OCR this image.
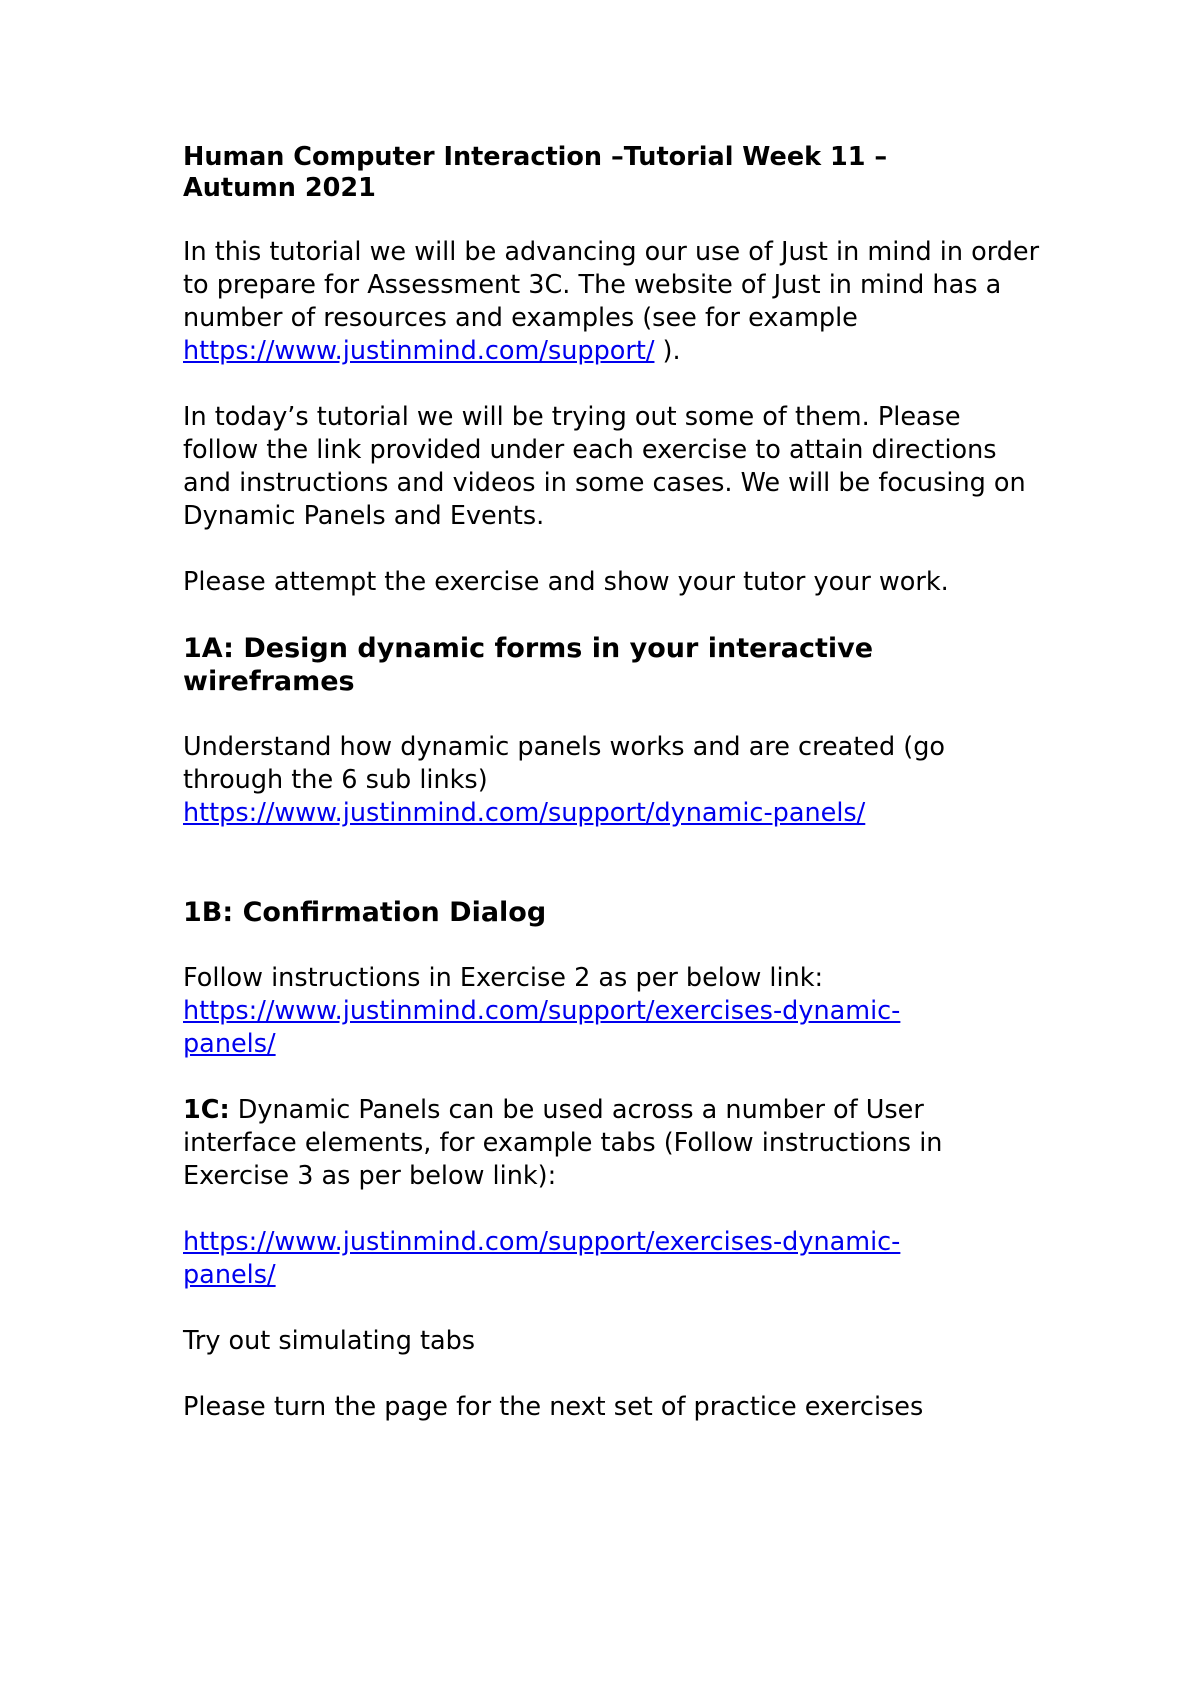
Human Computer Interaction –Tutorial Week 11 –
Autumn 2021

In this tutorial we will be advancing our use of Just in mind in order to prepare for Assessment 3C. The website of Just in mind has a number of resources and examples (see for example https://www.justinmind.com/support/ ).

In today’s tutorial we will be trying out some of them. Please follow the link provided under each exercise to attain directions and instructions and videos in some cases. We will be focusing on Dynamic Panels and Events.

Please attempt the exercise and show your tutor your work.

1A: Design dynamic forms in your interactive wireframes

Understand how dynamic panels works and are created (go through the 6 sub links)
https://www.justinmind.com/support/dynamic-panels/

1B: Confirmation Dialog

Follow instructions in Exercise 2 as per below link:
https://www.justinmind.com/support/exercises-dynamic-
panels/

1C: Dynamic Panels can be used across a number of User interface elements, for example tabs (Follow instructions in Exercise 3 as per below link):

https://www.justinmind.com/support/exercises-dynamic-
panels/

Try out simulating tabs

Please turn the page for the next set of practice exercises
